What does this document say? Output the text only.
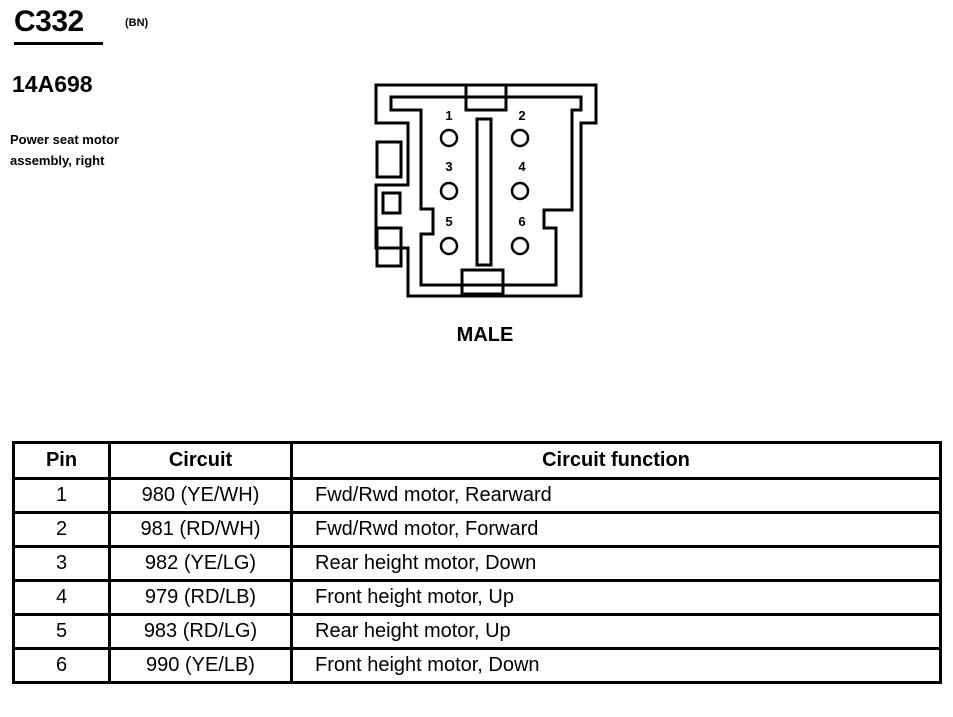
C332	(BN)
14A698
Power seat motor
assembly, right
1	2
3	4
5	6
MALE
Pin	Circuit	Circuit function
1	980 (YE/WH)	Fwd/Rwd motor, Rearward
2	981 (RD/WH)	Fwd/Rwd motor, Forward
3	982 (YE/LG)	Rear height motor, Down
4	979 (RD/LB)	Front height motor, Up
5	983 (RD/LG)	Rear height motor, Up
6	990 (YE/LB)	Front height motor, Down
